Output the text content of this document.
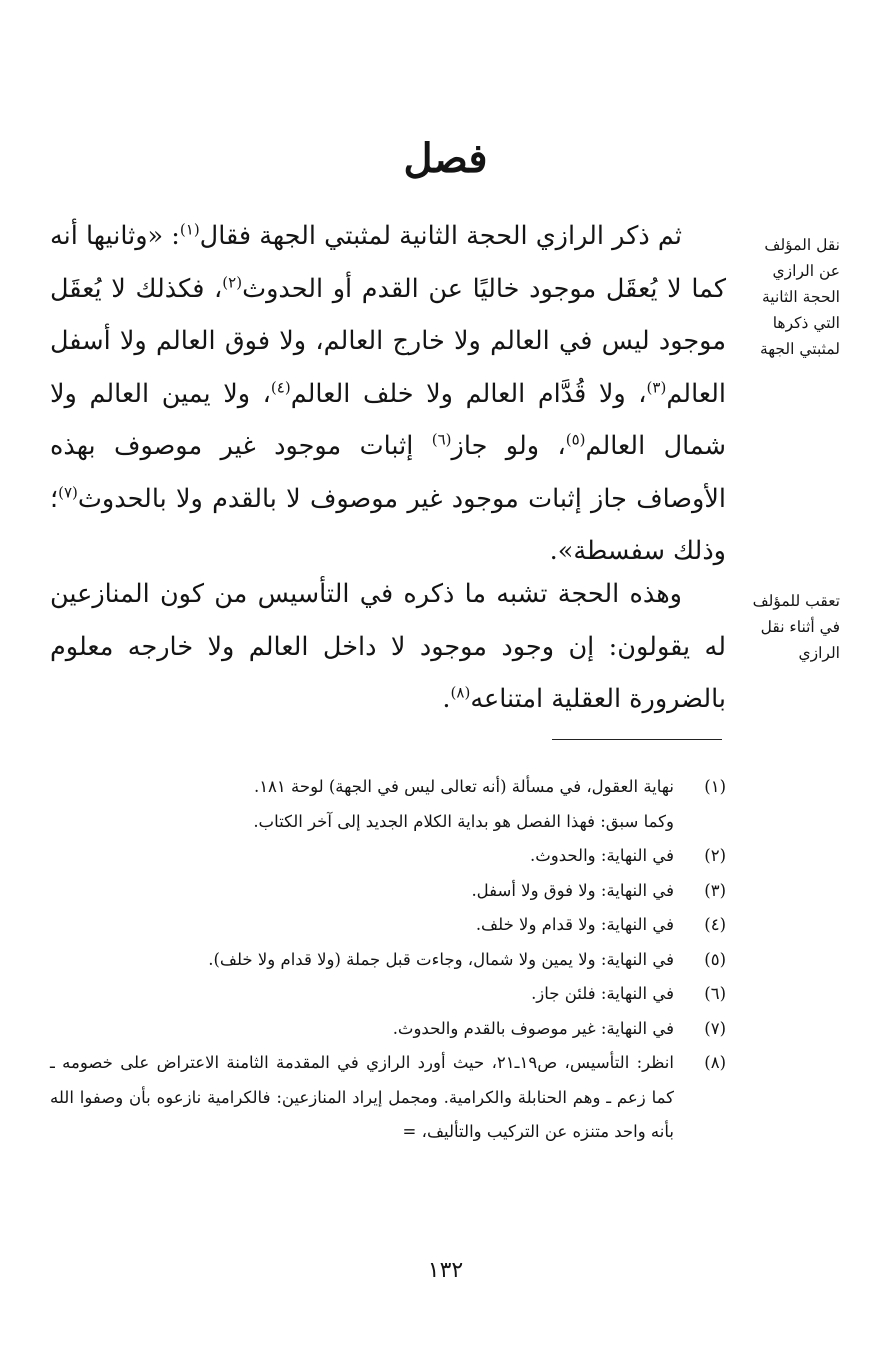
فصل

ثم ذكر الرازي الحجة الثانية لمثبتي الجهة فقال$^{(١)}$: «وثانيها أنه كما لا يُعقَل موجود خاليًا عن القدم أو الحدوث$^{(٢)}$، فكذلك لا يُعقَل موجود ليس في العالم ولا خارج العالم، ولا فوق العالم ولا أسفل العالم$^{(٣)}$، ولا قُدَّام العالم ولا خلف العالم$^{(٤)}$، ولا يمين العالم ولا شمال العالم$^{(٥)}$، ولو جاز$^{(٦)}$ إثبات موجود غير موصوف بهذه الأوصاف جاز إثبات موجود غير موصوف لا بالقدم ولا بالحدوث$^{(٧)}$؛ وذلك سفسطة».

نقل المؤلف عن الرازي الحجة الثانية التي ذكرها لمثبتي الجهة

وهذه الحجة تشبه ما ذكره في التأسيس من كون المنازعين له يقولون: إن وجود موجود لا داخل العالم ولا خارجه معلوم بالضرورة العقلية امتناعه$^{(٨)}$.

تعقب للمؤلف في أثناء نقل الرازي
(١)
نهاية العقول، في مسألة (أنه تعالى ليس في الجهة) لوحة ١٨١.
وكما سبق: فهذا الفصل هو بداية الكلام الجديد إلى آخر الكتاب.
(٢)
في النهاية: والحدوث.
(٣)
في النهاية: ولا فوق ولا أسفل.
(٤)
في النهاية: ولا قدام ولا خلف.
(٥)
في النهاية: ولا يمين ولا شمال، وجاءت قبل جملة (ولا قدام ولا خلف).
(٦)
في النهاية: فلئن جاز.
(٧)
في النهاية: غير موصوف بالقدم والحدوث.
(٨)
انظر: التأسيس، ص١٩ـ٢١، حيث أورد الرازي في المقدمة الثامنة الاعتراض على خصومه ـ كما زعم ـ وهم الحنابلة والكرامية. ومجمل إيراد المنازعين: فالكرامية نازعوه بأن وصفوا الله بأنه واحد متنزه عن التركيب والتأليف، =
١٣٢
